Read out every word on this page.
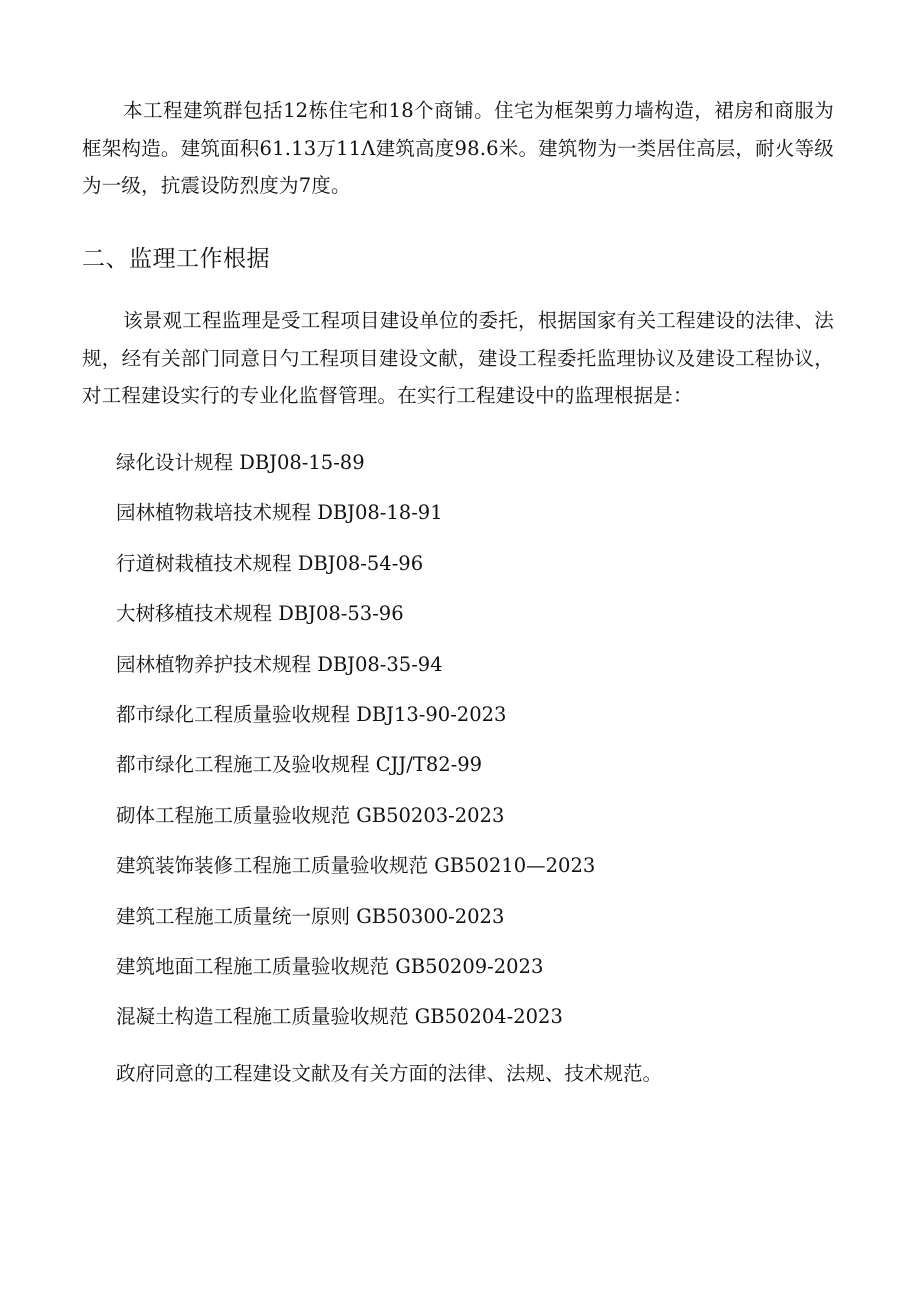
本工程建筑群包括12栋住宅和18个商铺。住宅为框架剪力墙构造，裙房和商服为框架构造。建筑面积61.13万11Λ建筑高度98.6米。建筑物为一类居住高层，耐火等级为一级，抗震设防烈度为7度。

二、监理工作根据

该景观工程监理是受工程项目建设单位的委托，根据国家有关工程建设的法律、法规，经有关部门同意日勺工程项目建设文献，建设工程委托监理协议及建设工程协议，对工程建设实行的专业化监督管理。在实行工程建设中的监理根据是：

绿化设计规程 DBJ08-15-89
园林植物栽培技术规程 DBJ08-18-91
行道树栽植技术规程 DBJ08-54-96
大树移植技术规程 DBJ08-53-96
园林植物养护技术规程 DBJ08-35-94
都市绿化工程质量验收规程 DBJ13-90-2023
都市绿化工程施工及验收规程 CJJ/T82-99
砌体工程施工质量验收规范 GB50203-2023
建筑装饰装修工程施工质量验收规范 GB50210—2023
建筑工程施工质量统一原则 GB50300-2023
建筑地面工程施工质量验收规范 GB50209-2023
混凝土构造工程施工质量验收规范 GB50204-2023

政府同意的工程建设文献及有关方面的法律、法规、技术规范。
